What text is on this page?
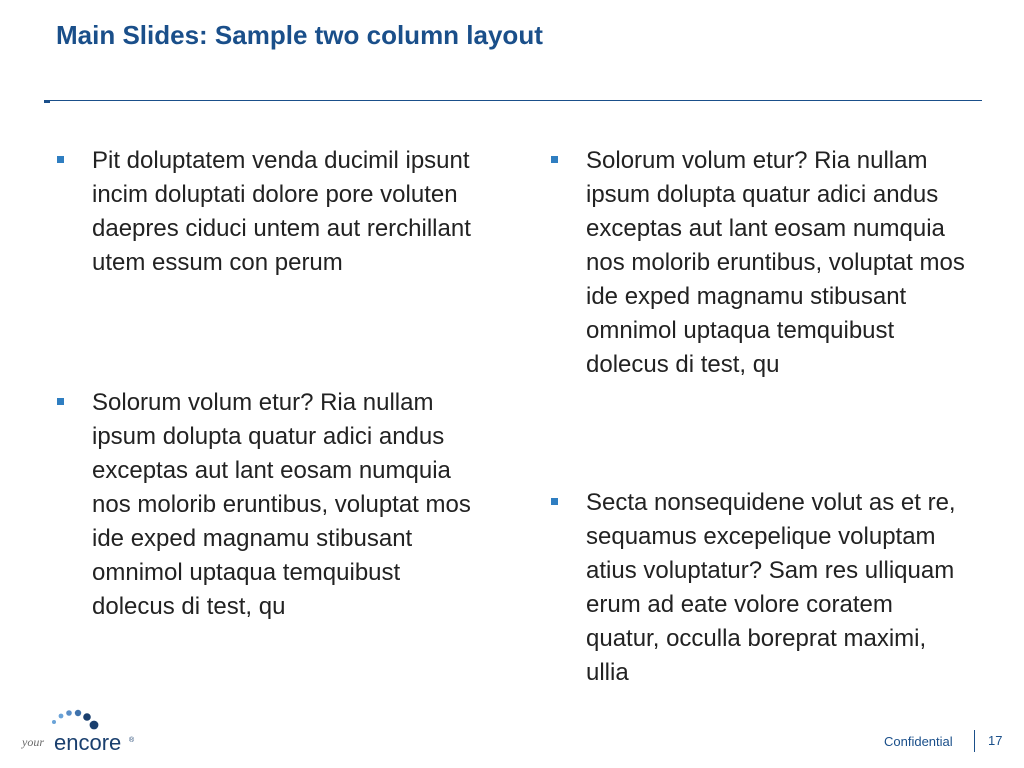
Main Slides: Sample two column layout
Pit doluptatem venda ducimil ipsunt incim doluptati dolore pore voluten daepres ciduci untem aut rerchillant utem essum con perum
Solorum volum etur? Ria nullam ipsum dolupta quatur adici andus exceptas aut lant eosam numquia nos molorib eruntibus, voluptat mos ide exped magnamu stibusant omnimol uptaqua temquibust dolecus di test, qu
Solorum volum etur? Ria nullam ipsum dolupta quatur adici andus exceptas aut lant eosam numquia nos molorib eruntibus, voluptat mos ide exped magnamu stibusant omnimol uptaqua temquibust dolecus di test, qu
Secta nonsequidene volut as et re, sequamus excepelique voluptam atius voluptatur? Sam res ulliquam erum ad eate volore coratem quatur, occulla boreprat maximi, ullia
your encore ®	Confidential	17
